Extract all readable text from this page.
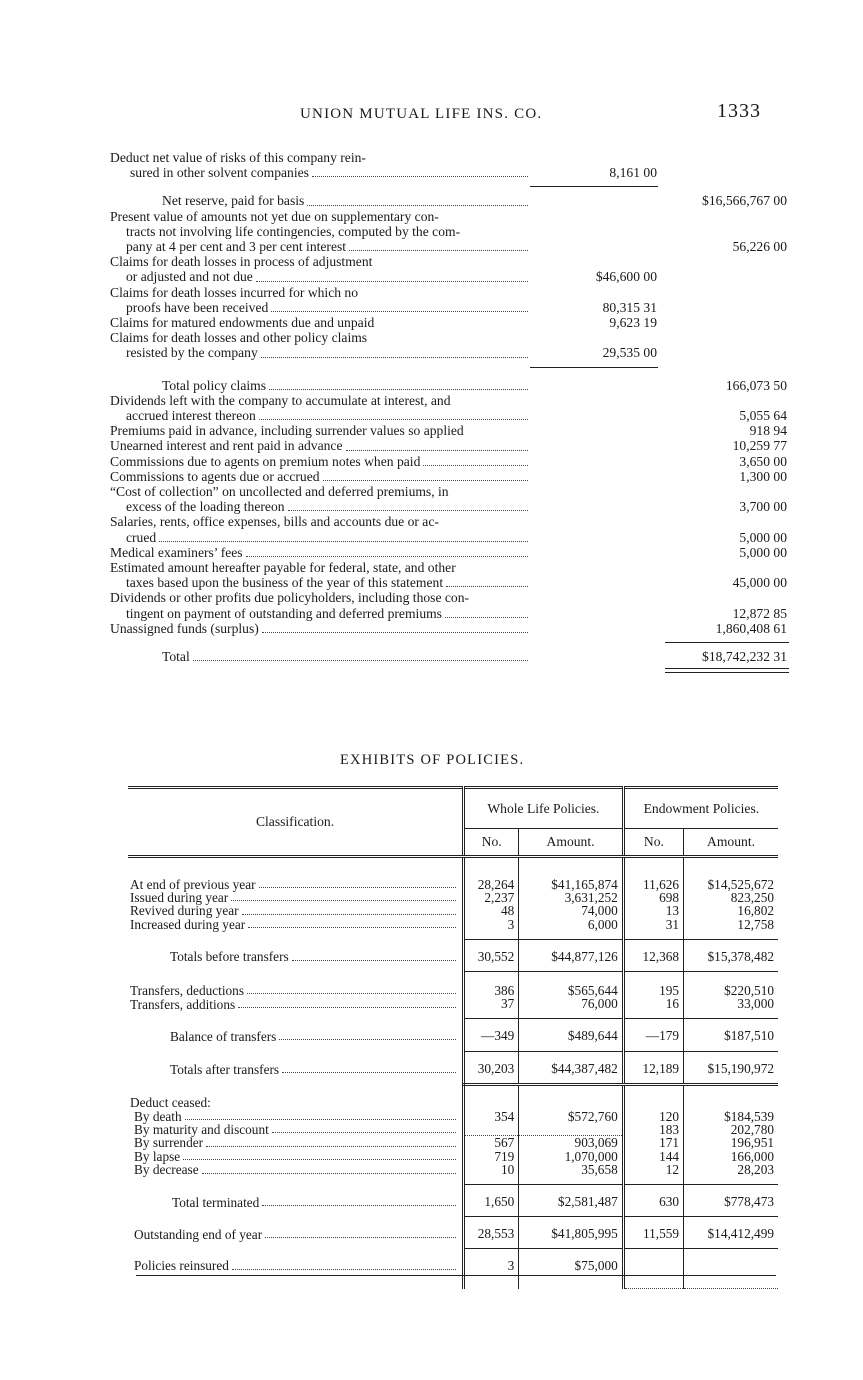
UNION MUTUAL LIFE INS. CO.	1333
Deduct net value of risks of this company rein-
sured in other solvent companies	8,161 00
Net reserve, paid for basis	$16,566,767 00
Present value of amounts not yet due on supplementary con-
tracts not involving life contingencies, computed by the com-
pany at 4 per cent and 3 per cent interest	56,226 00
Claims for death losses in process of adjustment
or adjusted and not due	$46,600 00
Claims for death losses incurred for which no
proofs have been received	80,315 31
Claims for matured endowments due and unpaid	9,623 19
Claims for death losses and other policy claims
resisted by the company	29,535 00
Total policy claims	166,073 50
Dividends left with the company to accumulate at interest, and
accrued interest thereon	5,055 64
Premiums paid in advance, including surrender values so applied	918 94
Unearned interest and rent paid in advance	10,259 77
Commissions due to agents on premium notes when paid	3,650 00
Commissions to agents due or accrued	1,300 00
“Cost of collection” on uncollected and deferred premiums, in
excess of the loading thereon	3,700 00
Salaries, rents, office expenses, bills and accounts due or ac-
crued	5,000 00
Medical examiners’ fees	5,000 00
Estimated amount hereafter payable for federal, state, and other
taxes based upon the business of the year of this statement	45,000 00
Dividends or other profits due policyholders, including those con-
tingent on payment of outstanding and deferred premiums	12,872 85
Unassigned funds (surplus)	1,860,408 61
Total	$18,742,232 31
EXHIBITS OF POLICIES.
Classification.	Whole Life Policies.		Endowment Policies.	
	No.	Amount.	No.	Amount.

At end of previous year	28,264	$41,165,874	11,626	$14,525,672

Issued during year	2,237	3,631,252	698	823,250

Revived during year	48	74,000	13	16,802

Increased during year	3	6,000	31	12,758

Totals before transfers	30,552	$44,877,126	12,368	$15,378,482

Transfers, deductions	386	$565,644	195	$220,510

Transfers, additions	37	76,000	16	33,000

Balance of transfers	—349	$489,644	—179	$187,510

Totals after transfers	30,203	$44,387,482	12,189	$15,190,972
Deduct ceased:				

By death	354	$572,760	120	$184,539

By maturity and discount			183	202,780

By surrender	567	903,069	171	196,951

By lapse	719	1,070,000	144	166,000

By decrease	10	35,658	12	28,203

Total terminated	1,650	$2,581,487	630	$778,473

Outstanding end of year	28,553	$41,805,995	11,559	$14,412,499

Policies reinsured	3	$75,000		
